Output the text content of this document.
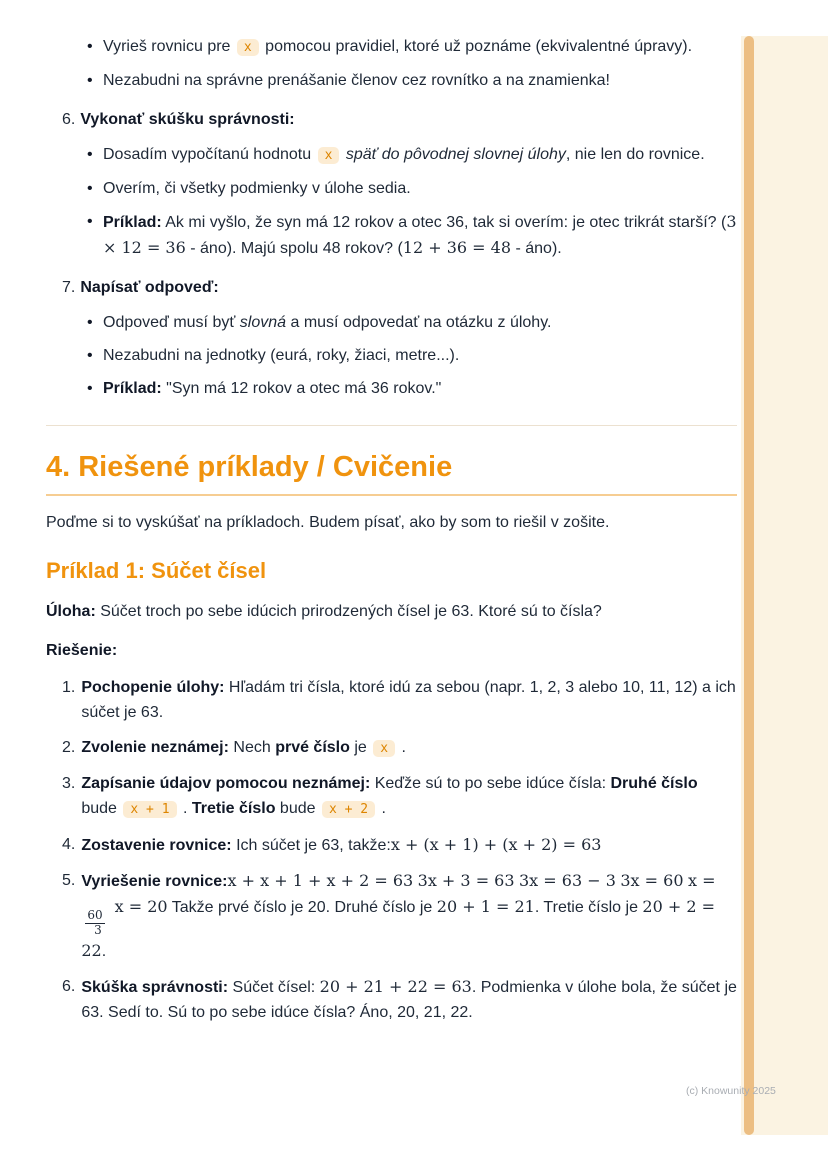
• Vyrieš rovnicu pre x pomocou pravidiel, ktoré už poznáme (ekvivalentné úpravy).
• Nezabudni na správne prenášanie členov cez rovnítko a na znamienka!
6. Vykonať skúšku správnosti:
• Dosadím vypočítanú hodnotu x späť do pôvodnej slovnej úlohy, nie len do rovnice.
• Overím, či všetky podmienky v úlohe sedia.
• Príklad: Ak mi vyšlo, že syn má 12 rokov a otec 36, tak si overím: je otec trikrát starší? (3 × 12 = 36 - áno). Majú spolu 48 rokov? (12 + 36 = 48 - áno).
7. Napísať odpoveď:
• Odpoveď musí byť slovná a musí odpovedať na otázku z úlohy.
• Nezabudni na jednotky (eurá, roky, žiaci, metre...).
• Príklad: "Syn má 12 rokov a otec má 36 rokov."
4. Riešené príklady / Cvičenie

Poďme si to vyskúšať na príkladoch. Budem písať, ako by som to riešil v zošite.

Príklad 1: Súčet čísel

Úloha: Súčet troch po sebe idúcich prirodzených čísel je 63. Ktoré sú to čísla?

Riešenie:

1. Pochopenie úlohy: Hľadám tri čísla, ktoré idú za sebou (napr. 1, 2, 3 alebo 10, 11, 12) a ich súčet je 63.
2. Zvolenie neznámej: Nech prvé číslo je x .
3. Zapísanie údajov pomocou neznámej: Keďže sú to po sebe idúce čísla: Druhé číslo bude x + 1 . Tretie číslo bude x + 2 .
4. Zostavenie rovnice: Ich súčet je 63, takže:x + (x + 1) + (x + 2) = 63
5. Vyriešenie rovnice:x + x + 1 + x + 2 = 63 3x + 3 = 63 3x = 63 − 3 3x = 60 x =
$\frac{60}{3}$
x = 20 Takže prvé číslo je 20. Druhé číslo je 20 + 1 = 21. Tretie číslo je 20 + 2 = 22.
6. Skúška správnosti: Súčet čísel: 20 + 21 + 22 = 63. Podmienka v úlohe bola, že súčet je 63. Sedí to. Sú to po sebe idúce čísla? Áno, 20, 21, 22.
(c) Knowunity 2025
